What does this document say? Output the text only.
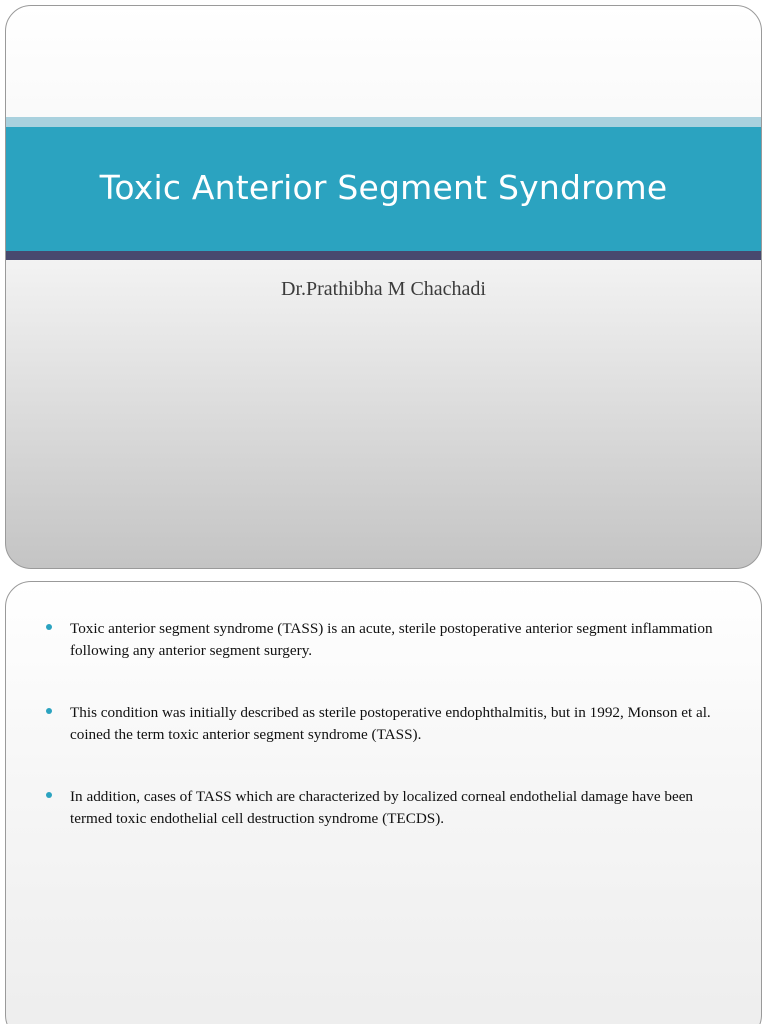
Toxic Anterior Segment Syndrome
Dr.Prathibha M Chachadi
Toxic anterior segment syndrome (TASS) is an acute, sterile postoperative anterior segment inflammation following any anterior segment surgery.
This condition was initially described as sterile postoperative endophthalmitis, but in 1992, Monson et al. coined the term toxic anterior segment syndrome (TASS).
In addition, cases of TASS which are characterized by localized corneal endothelial damage have been termed toxic endothelial cell destruction syndrome (TECDS).
